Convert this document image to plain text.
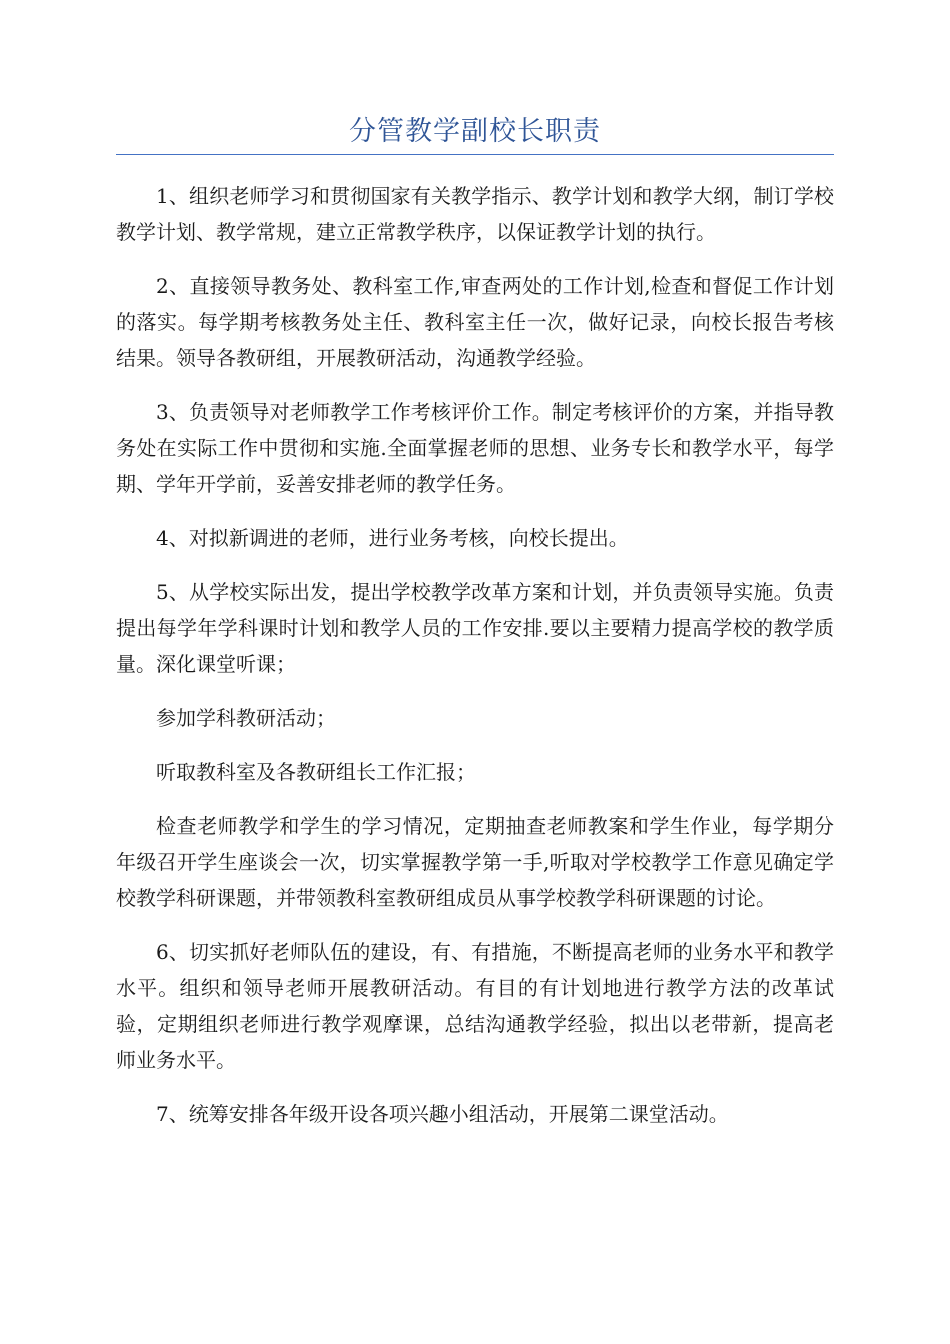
分管教学副校长职责

1、组织老师学习和贯彻国家有关教学指示、教学计划和教学大纲，制订学校教学计划、教学常规，建立正常教学秩序，以保证教学计划的执行。

2、直接领导教务处、教科室工作,审查两处的工作计划,检查和督促工作计划的落实。每学期考核教务处主任、教科室主任一次，做好记录，向校长报告考核结果。领导各教研组，开展教研活动，沟通教学经验。

3、负责领导对老师教学工作考核评价工作。制定考核评价的方案，并指导教务处在实际工作中贯彻和实施.全面掌握老师的思想、业务专长和教学水平，每学期、学年开学前，妥善安排老师的教学任务。

4、对拟新调进的老师，进行业务考核，向校长提出。

5、从学校实际出发，提出学校教学改革方案和计划，并负责领导实施。负责提出每学年学科课时计划和教学人员的工作安排.要以主要精力提高学校的教学质量。深化课堂听课；

参加学科教研活动；

听取教科室及各教研组长工作汇报；

检查老师教学和学生的学习情况，定期抽查老师教案和学生作业，每学期分年级召开学生座谈会一次，切实掌握教学第一手,听取对学校教学工作意见确定学校教学科研课题，并带领教科室教研组成员从事学校教学科研课题的讨论。

6、切实抓好老师队伍的建设，有、有措施，不断提高老师的业务水平和教学水平。组织和领导老师开展教研活动。有目的有计划地进行教学方法的改革试验，定期组织老师进行教学观摩课，总结沟通教学经验，拟出以老带新，提高老师业务水平。

7、统筹安排各年级开设各项兴趣小组活动，开展第二课堂活动。
